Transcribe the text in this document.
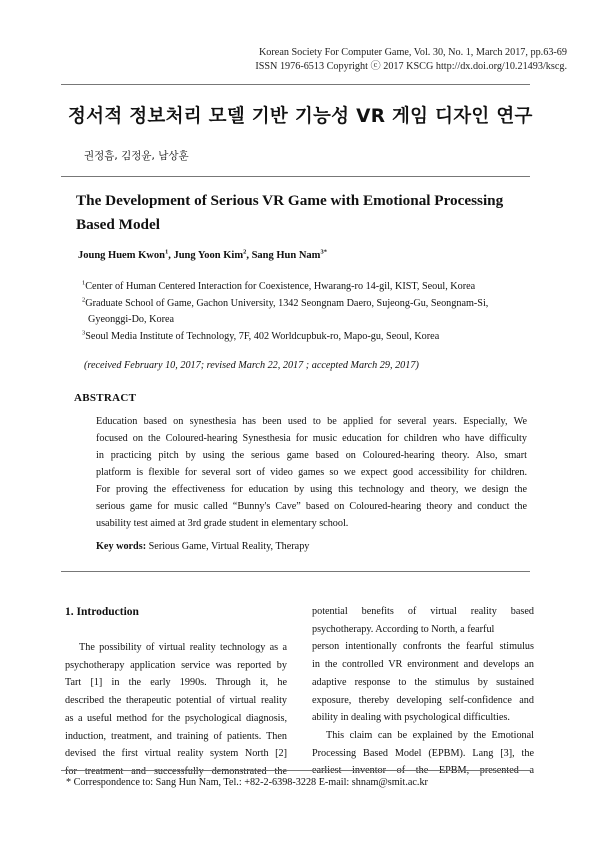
Korean Society For Computer Game, Vol. 30, No. 1, March 2017, pp.63-69
ISSN 1976-6513 Copyright ⓒ 2017 KSCG http://dx.doi.org/10.21493/kscg.
정서적 정보처리 모델 기반 기능성 VR 게임 디자인 연구
권정흠, 김정윤, 남상훈
The Development of Serious VR Game with Emotional Processing
Based Model
Joung Huem Kwon$^1$, Jung Yoon Kim$^2$, Sang Hun Nam$^{3*}$
$^1$Center of Human Centered Interaction for Coexistence, Hwarang-ro 14-gil, KIST, Seoul, Korea
$^2$Graduate School of Game, Gachon University, 1342 Seongnam Daero, Sujeong-Gu, Seongnam-Si,
Gyeonggi-Do, Korea
$^3$Seoul Media Institute of Technology, 7F, 402 Worldcupbuk-ro, Mapo-gu, Seoul, Korea
(received February 10, 2017; revised March 22, 2017 ; accepted March 29, 2017)
ABSTRACT
Education based on synesthesia has been used to be applied for several years. Especially, We
focused on the Coloured-hearing Synesthesia for music education for children who have difficulty
in practicing pitch by using the serious game based on Coloured-hearing theory. Also, smart
platform is flexible for several sort of video games so we expect good accessibility for children.
For proving the effectiveness for education by using this technology and theory, we design the
serious game for music called “Bunny's Cave” based on Coloured-hearing theory and conduct the
usability test aimed at 3rd grade student in elementary school.
Key words: Serious Game, Virtual Reality, Therapy
1. Introduction

The possibility of virtual reality technology as a

psychotherapy application service was reported by

Tart [1] in the early 1990s. Through it, he

described the therapeutic potential of virtual reality

as a useful method for the psychological diagnosis,

induction, treatment, and training of patients. Then

devised the first virtual reality system North [2]

for treatment and successfully demonstrated the

potential benefits of virtual reality based

psychotherapy. According to North, a fearful

person intentionally confronts the fearful stimulus

in the controlled VR environment and develops an

adaptive response to the stimulus by sustained

exposure, thereby developing self-confidence and

ability in dealing with psychological difficulties.

This claim can be explained by the Emotional

Processing Based Model (EPBM). Lang [3], the

earliest inventor of the EPBM, presented a

* Correspondence to: Sang Hun Nam, Tel.: +82-2-6398-3228 E-mail: shnam@smit.ac.kr
